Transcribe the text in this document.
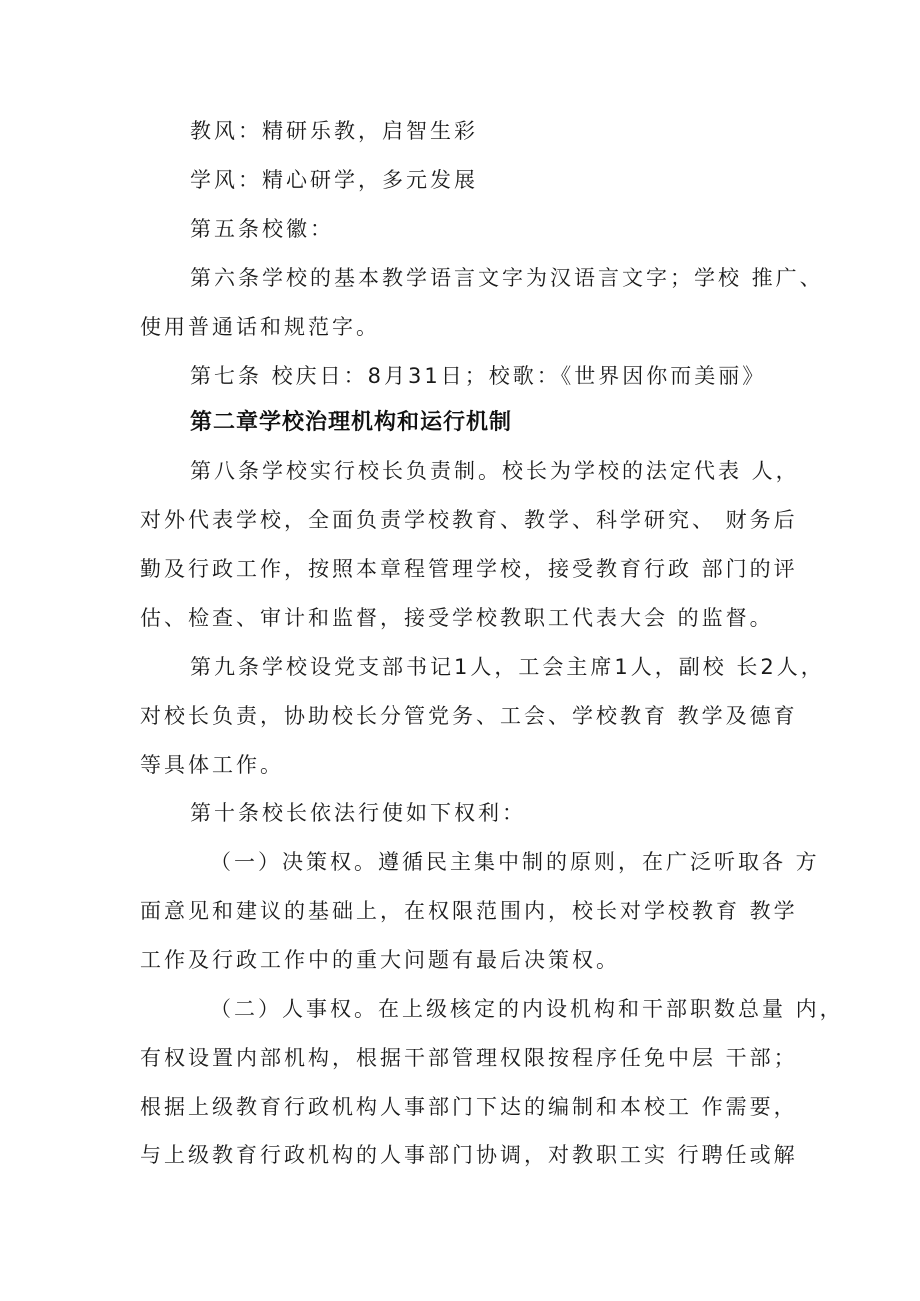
教风：精研乐教，启智生彩
学风：精心研学，多元发展
第五条校徽：
第六条学校的基本教学语言文字为汉语言文字；学校 推广、
使用普通话和规范字。
第七条 校庆日：8月31日；校歌：《世界因你而美丽》
第二章学校治理机构和运行机制
第八条学校实行校长负责制。校长为学校的法定代表 人，
对外代表学校，全面负责学校教育、教学、科学研究、 财务后
勤及行政工作，按照本章程管理学校，接受教育行政 部门的评
估、检查、审计和监督，接受学校教职工代表大会 的监督。
第九条学校设党支部书记1人，工会主席1人，副校 长2人，
对校长负责，协助校长分管党务、工会、学校教育 教学及德育
等具体工作。
第十条校长依法行使如下权利：
（一）决策权。遵循民主集中制的原则，在广泛听取各 方
面意见和建议的基础上，在权限范围内，校长对学校教育 教学
工作及行政工作中的重大问题有最后决策权。
（二）人事权。在上级核定的内设机构和干部职数总量 内，
有权设置内部机构，根据干部管理权限按程序任免中层 干部；
根据上级教育行政机构人事部门下达的编制和本校工 作需要，
与上级教育行政机构的人事部门协调，对教职工实 行聘任或解
